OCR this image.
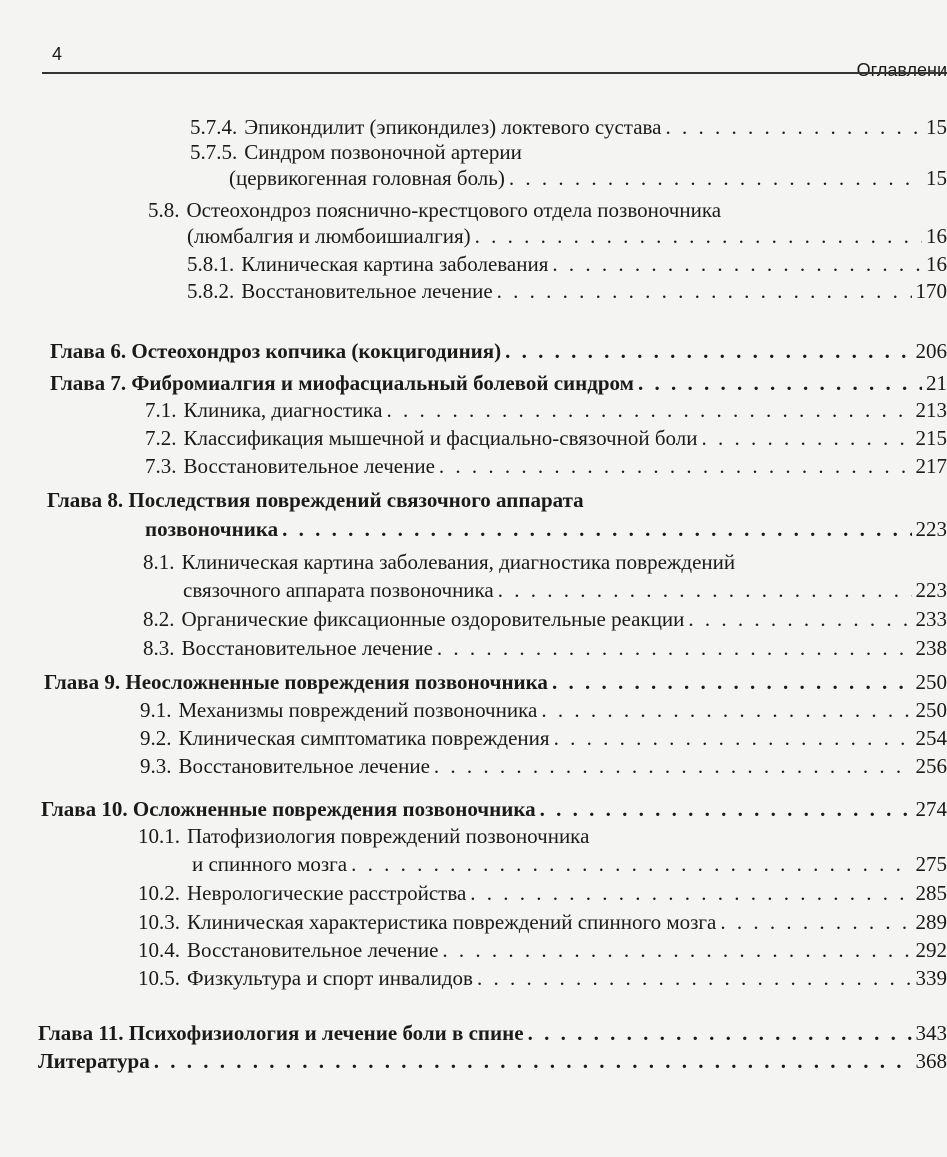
4
Оглавлени
5.7.4. Эпикондилит (эпикондилез) локтевого сустава . . .	15
5.7.5. Синдром позвоночной артерии
(цервикогенная головная боль) . . .	15
5.8. Остеохондроз пояснично-крестцового отдела позвоночника
(люмбалгия и люмбоишиалгия) . . .	16
5.8.1. Клиническая картина заболевания . . .	16
5.8.2. Восстановительное лечение . . .	170
Глава 6. Остеохондроз копчика (кокцигодиния) . . .	206
Глава 7. Фибромиалгия и миофасциальный болевой синдром . . .	21
7.1. Клиника, диагностика . . .	213
7.2. Классификация мышечной и фасциально-связочной боли . . .	215
7.3. Восстановительное лечение . . .	217
Глава 8. Последствия повреждений связочного аппарата
позвоночника . . .	223
8.1. Клиническая картина заболевания, диагностика повреждений
связочного аппарата позвоночника . . .	223
8.2. Органические фиксационные оздоровительные реакции . . .	233
8.3. Восстановительное лечение . . .	238
Глава 9. Неосложненные повреждения позвоночника . . .	250
9.1. Механизмы повреждений позвоночника . . .	250
9.2. Клиническая симптоматика повреждения . . .	254
9.3. Восстановительное лечение . . .	256
Глава 10. Осложненные повреждения позвоночника . . .	274
10.1. Патофизиология повреждений позвоночника
и спинного мозга . . .	275
10.2. Неврологические расстройства . . .	285
10.3. Клиническая характеристика повреждений спинного мозга . . .	289
10.4. Восстановительное лечение . . .	292
10.5. Физкультура и спорт инвалидов . . .	339
Глава 11. Психофизиология и лечение боли в спине . . .	343
Литература . . .	368
